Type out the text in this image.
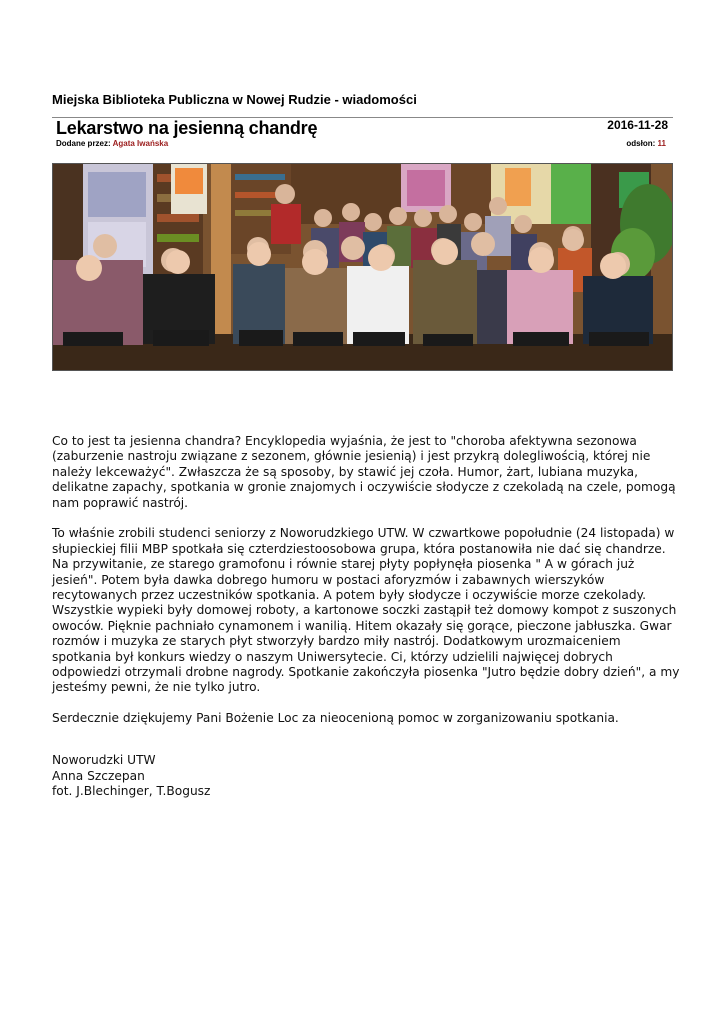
Miejska Biblioteka Publiczna w Nowej Rudzie - wiadomości
Lekarstwo na jesienną chandrę	2016-11-28
Dodane przez: Agata Iwańska	odsłon: 11

Co to jest ta jesienna chandra? Encyklopedia wyjaśnia, że jest to "choroba afektywna sezonowa (zaburzenie nastroju związane z sezonem, głównie jesienią) i jest przykrą dolegliwością, której nie należy lekceważyć". Zwłaszcza że są sposoby, by stawić jej czoła. Humor, żart, lubiana muzyka, delikatne zapachy, spotkania w gronie znajomych i oczywiście słodycze z czekoladą na czele, pomogą nam poprawić nastrój.

To właśnie zrobili studenci seniorzy z Noworudzkiego UTW. W czwartkowe popołudnie (24 listopada) w słupieckiej filii MBP spotkała się czterdziestoosobowa grupa, która postanowiła nie dać się chandrze. Na przywitanie, ze starego gramofonu i równie starej płyty popłynęła piosenka " A w górach już jesień". Potem była dawka dobrego humoru w postaci aforyzmów i zabawnych wierszyków recytowanych przez uczestników spotkania. A potem były słodycze i oczywiście morze czekolady. Wszystkie wypieki były domowej roboty, a kartonowe soczki zastąpił też domowy kompot z suszonych owoców. Pięknie pachniało cynamonem i wanilią. Hitem okazały się gorące, pieczone jabłuszka. Gwar rozmów i muzyka ze starych płyt stworzyły bardzo miły nastrój. Dodatkowym urozmaiceniem spotkania był konkurs wiedzy o naszym Uniwersytecie. Ci, którzy udzielili najwięcej dobrych odpowiedzi otrzymali drobne nagrody. Spotkanie zakończyła piosenka "Jutro będzie dobry dzień", a my jesteśmy pewni, że nie tylko jutro.

Serdecznie dziękujemy Pani Bożenie Loc za nieocenioną pomoc w zorganizowaniu spotkania.

Noworudzki UTW
Anna Szczepan
fot. J.Blechinger, T.Bogusz
